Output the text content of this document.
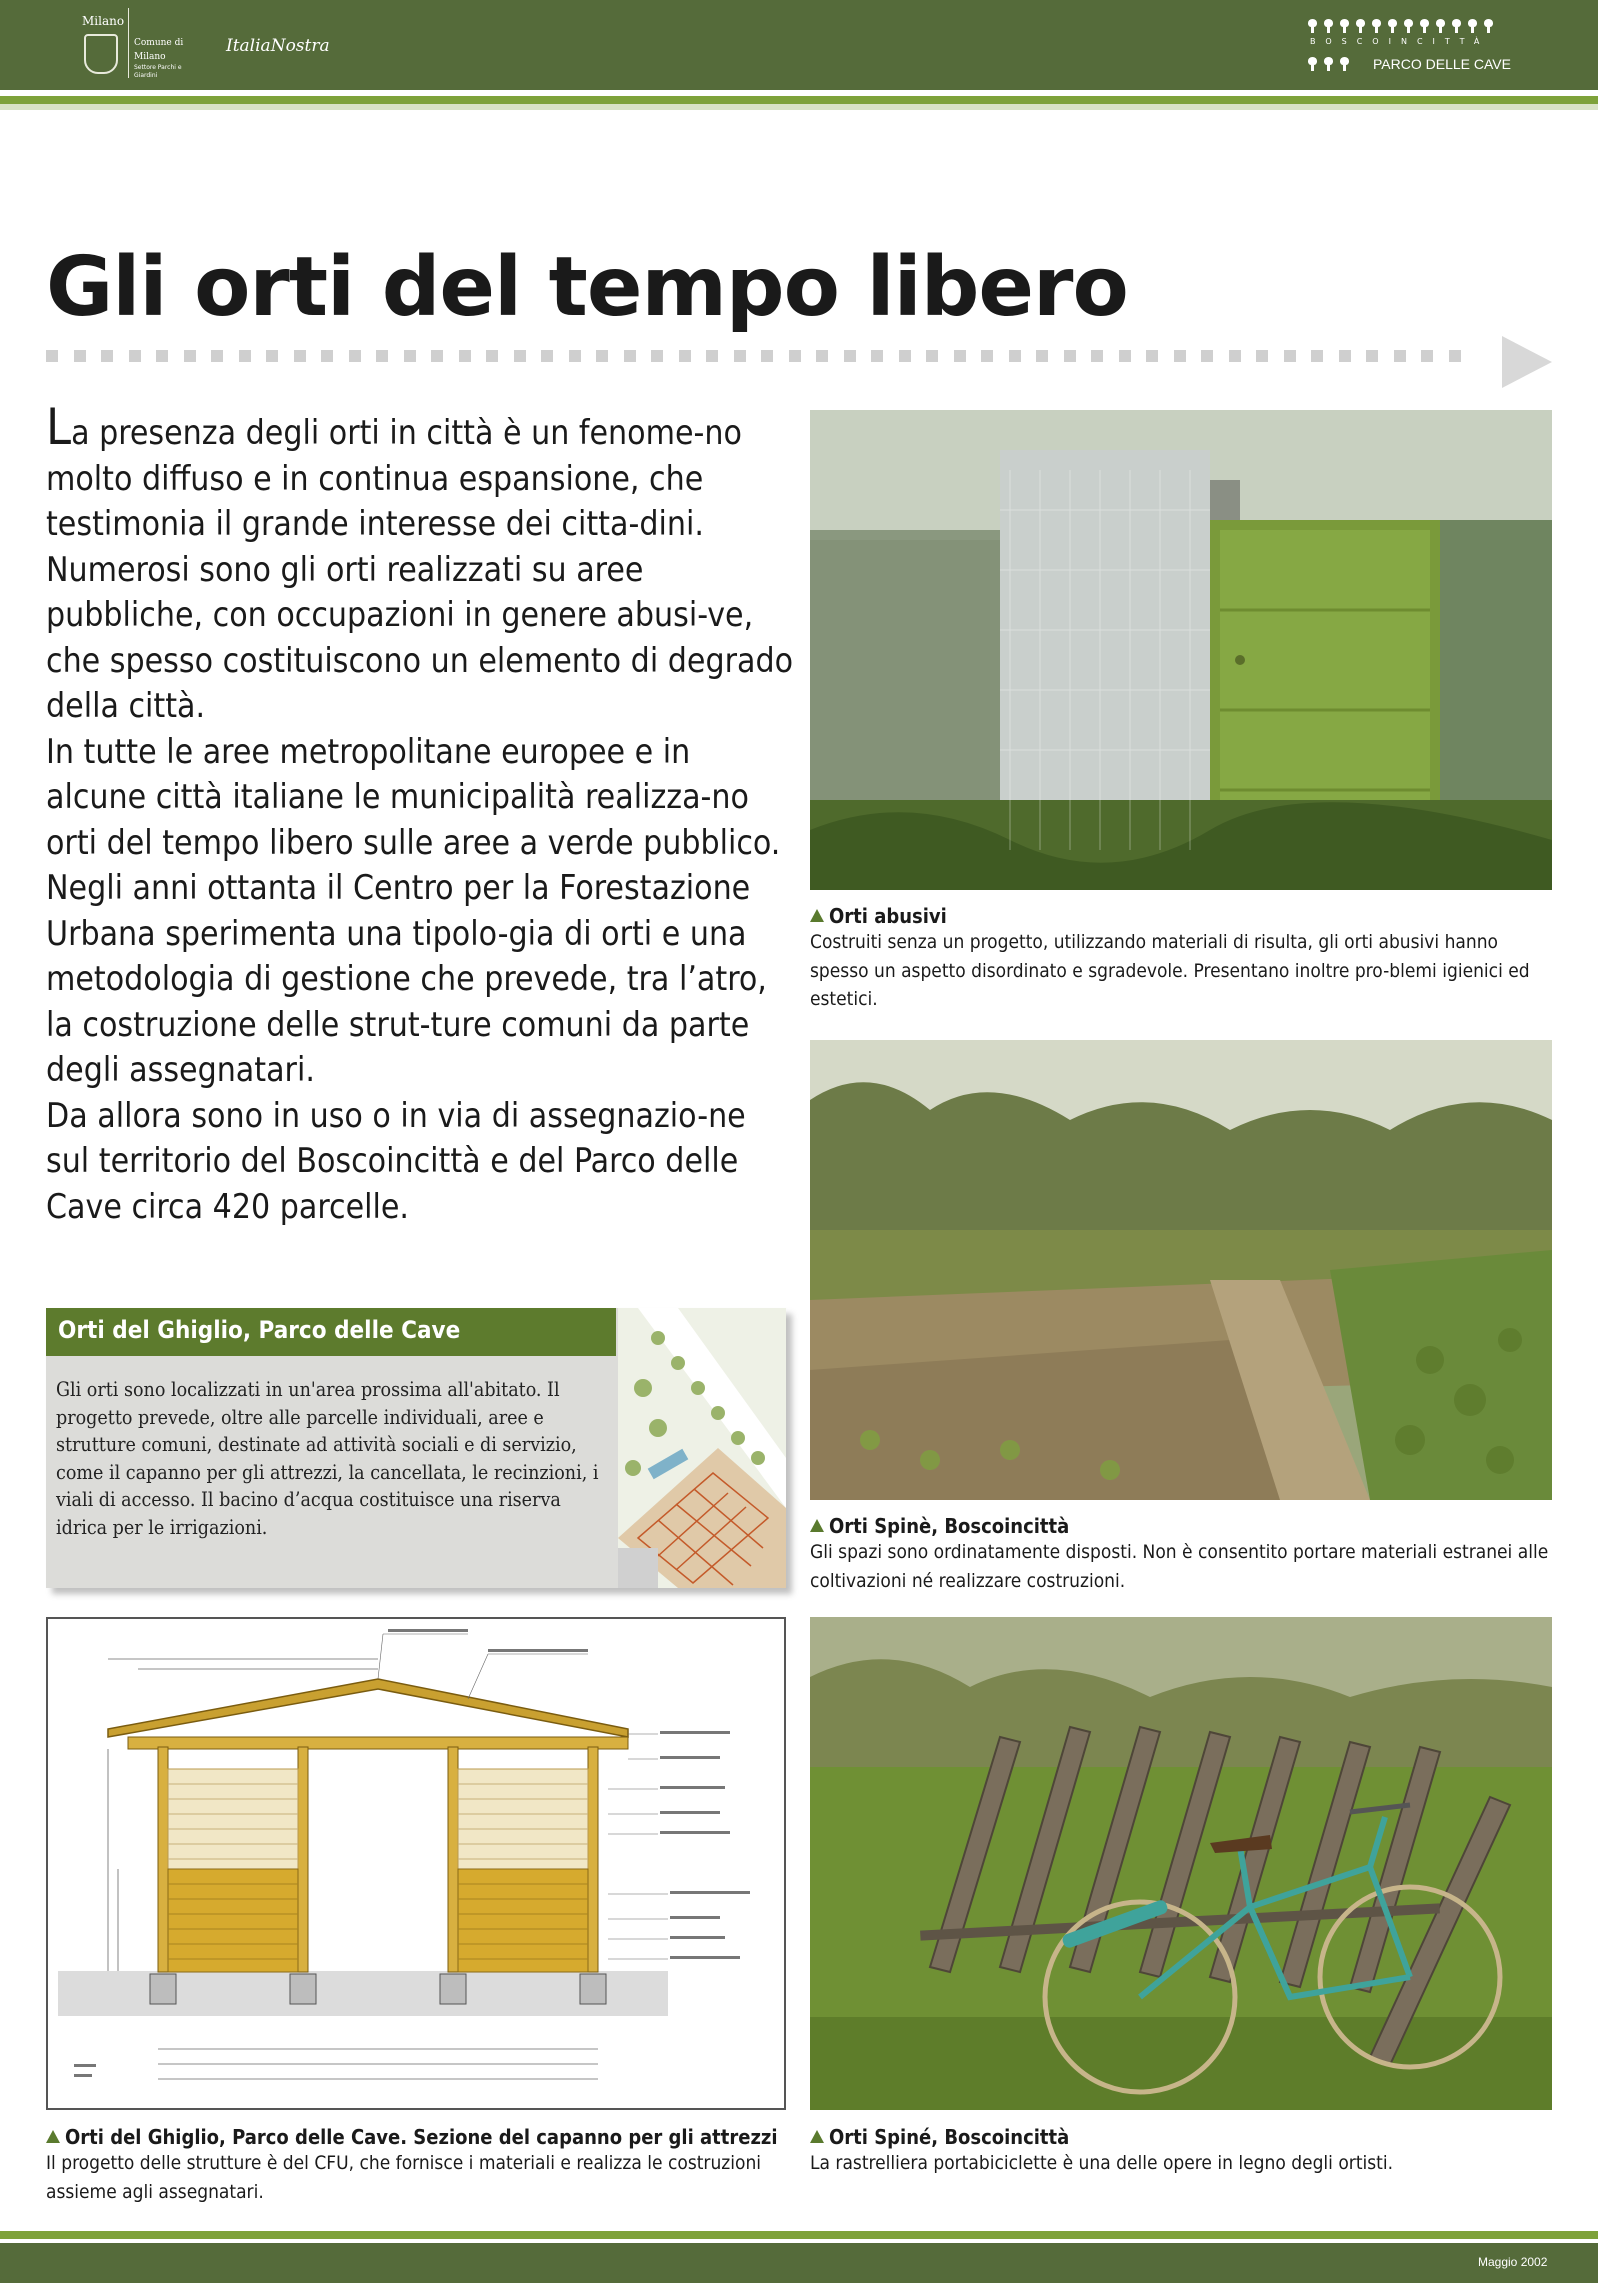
Milano
Comune di Milano
Settore Parchi e Giardini
ItaliaNostra	BOSCOINCITTÀ
PARCO DELLE CAVE
Gli orti del tempo libero

La presenza degli orti in città è un fenome-no molto diffuso e in continua espansione, che testimonia il grande interesse dei citta-dini. Numerosi sono gli orti realizzati su aree pubbliche, con occupazioni in genere abusi-ve, che spesso costituiscono un elemento di degrado della città.

In tutte le aree metropolitane europee e in alcune città italiane le municipalità realizza-no orti del tempo libero sulle aree a verde pubblico.

Negli anni ottanta il Centro per la Forestazione Urbana sperimenta una tipolo-gia di orti e una metodologia di gestione che prevede, tra l’atro, la costruzione delle strut-ture comuni da parte degli assegnatari.

Da allora sono in uso o in via di assegnazio-ne sul territorio del Boscoincittà e del Parco delle Cave circa 420 parcelle.

Orti abusivi
Costruiti senza un progetto, utilizzando materiali di risulta, gli orti abusivi hanno spesso un aspetto disordinato e sgradevole. Presentano inoltre pro-blemi igienici ed estetici.
Orti Spinè, Boscoincittà
Gli spazi sono ordinatamente disposti. Non è consentito portare materiali estranei alle coltivazioni né realizzare costruzioni.
Orti del Ghiglio, Parco delle Cave
Gli orti sono localizzati in un'area prossima all'abitato. Il progetto prevede, oltre alle parcelle individuali, aree e strutture comuni, destinate ad attività sociali e di servizio, come il capanno per gli attrezzi, la cancellata, le recinzioni, i viali di accesso. Il bacino d’acqua costituisce una riserva idrica per le irrigazioni.
Orti del Ghiglio, Parco delle Cave. Sezione del capanno per gli attrezzi
Il progetto delle strutture è del CFU, che fornisce i materiali e realizza le costruzioni assieme agli assegnatari.
Orti Spiné, Boscoincittà
La rastrelliera portabiciclette è una delle opere in legno degli ortisti.
Maggio 2002
